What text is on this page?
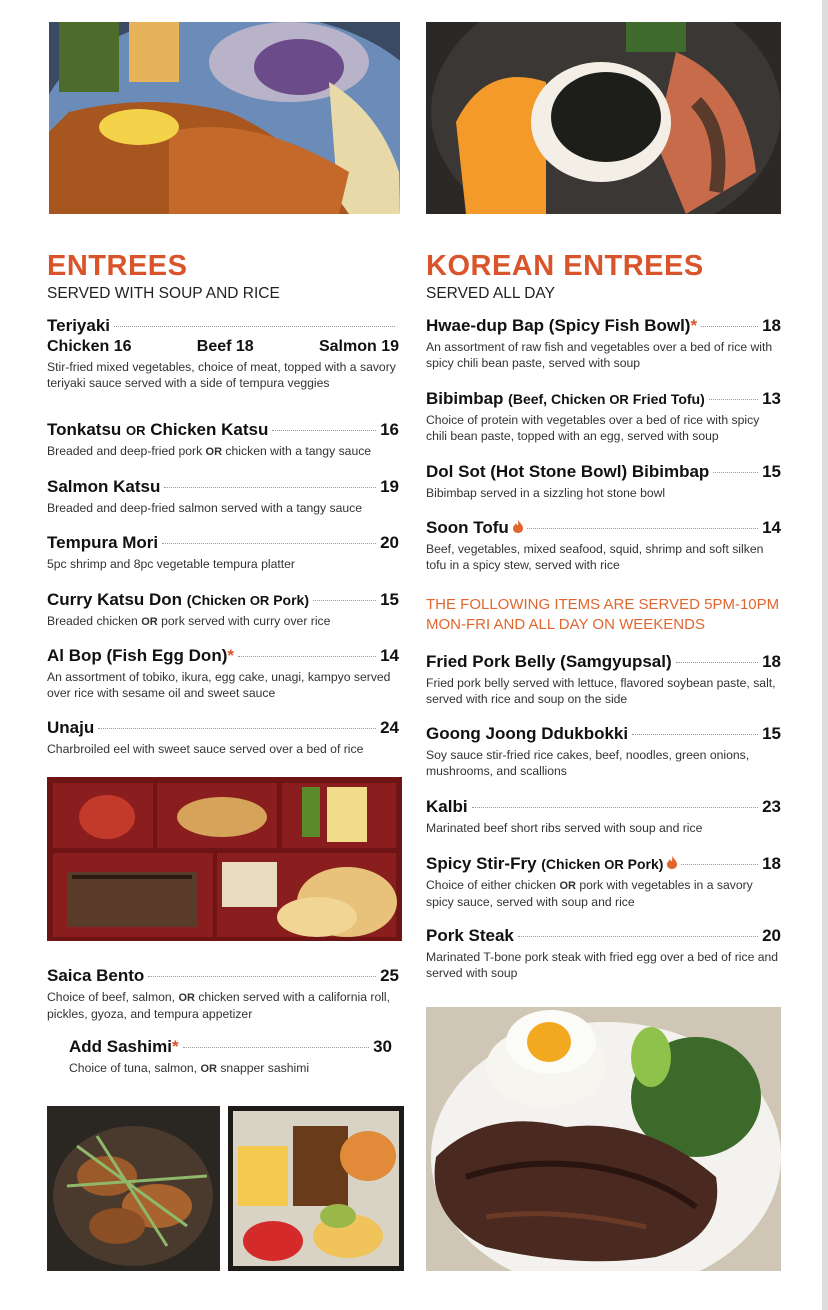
ENTREES
SERVED WITH SOUP AND RICE
Teriyaki
Chicken 16	Beef 18	Salmon 19
Stir-fried mixed vegetables, choice of meat, topped with a savory teriyaki sauce served with a side of tempura veggies
Tonkatsu OR Chicken Katsu	16
Breaded and deep-fried pork OR chicken with a tangy sauce
Salmon Katsu	19
Breaded and deep-fried salmon served with a tangy sauce
Tempura Mori	20
5pc shrimp and 8pc vegetable tempura platter
Curry Katsu Don (Chicken OR Pork)	15
Breaded chicken OR pork served with curry over rice
Al Bop (Fish Egg Don)*	14
An assortment of tobiko, ikura, egg cake, unagi, kampyo served over rice with sesame oil and sweet sauce
Unaju	24
Charbroiled eel with sweet sauce served over a bed of rice
Saica Bento	25
Choice of beef, salmon, OR chicken served with a california roll, pickles, gyoza, and tempura appetizer
Add Sashimi*	30
Choice of tuna, salmon, OR snapper sashimi
KOREAN ENTREES
SERVED ALL DAY
Hwae-dup Bap (Spicy Fish Bowl)*	18
An assortment of raw fish and vegetables over a bed of rice with spicy chili bean paste, served with soup
Bibimbap (Beef, Chicken OR Fried Tofu)	13
Choice of protein with vegetables over a bed of rice with spicy chili bean paste, topped with an egg, served with soup
Dol Sot (Hot Stone Bowl) Bibimbap	15
Bibimbap served in a sizzling hot stone bowl
Soon Tofu	14
Beef, vegetables, mixed seafood, squid, shrimp and soft silken tofu in a spicy stew, served with rice
THE FOLLOWING ITEMS ARE SERVED 5PM-10PM MON-FRI AND ALL DAY ON WEEKENDS
Fried Pork Belly (Samgyupsal)	18
Fried pork belly served with lettuce, flavored soybean paste, salt, served with rice and soup on the side
Goong Joong Ddukbokki	15
Soy sauce stir-fried rice cakes, beef, noodles, green onions, mushrooms, and scallions
Kalbi	23
Marinated beef short ribs served with soup and rice
Spicy Stir-Fry (Chicken OR Pork)	18
Choice of either chicken OR pork with vegetables in a savory spicy sauce, served with soup and rice
Pork Steak	20
Marinated T-bone pork steak with fried egg over a bed of rice and served with soup
